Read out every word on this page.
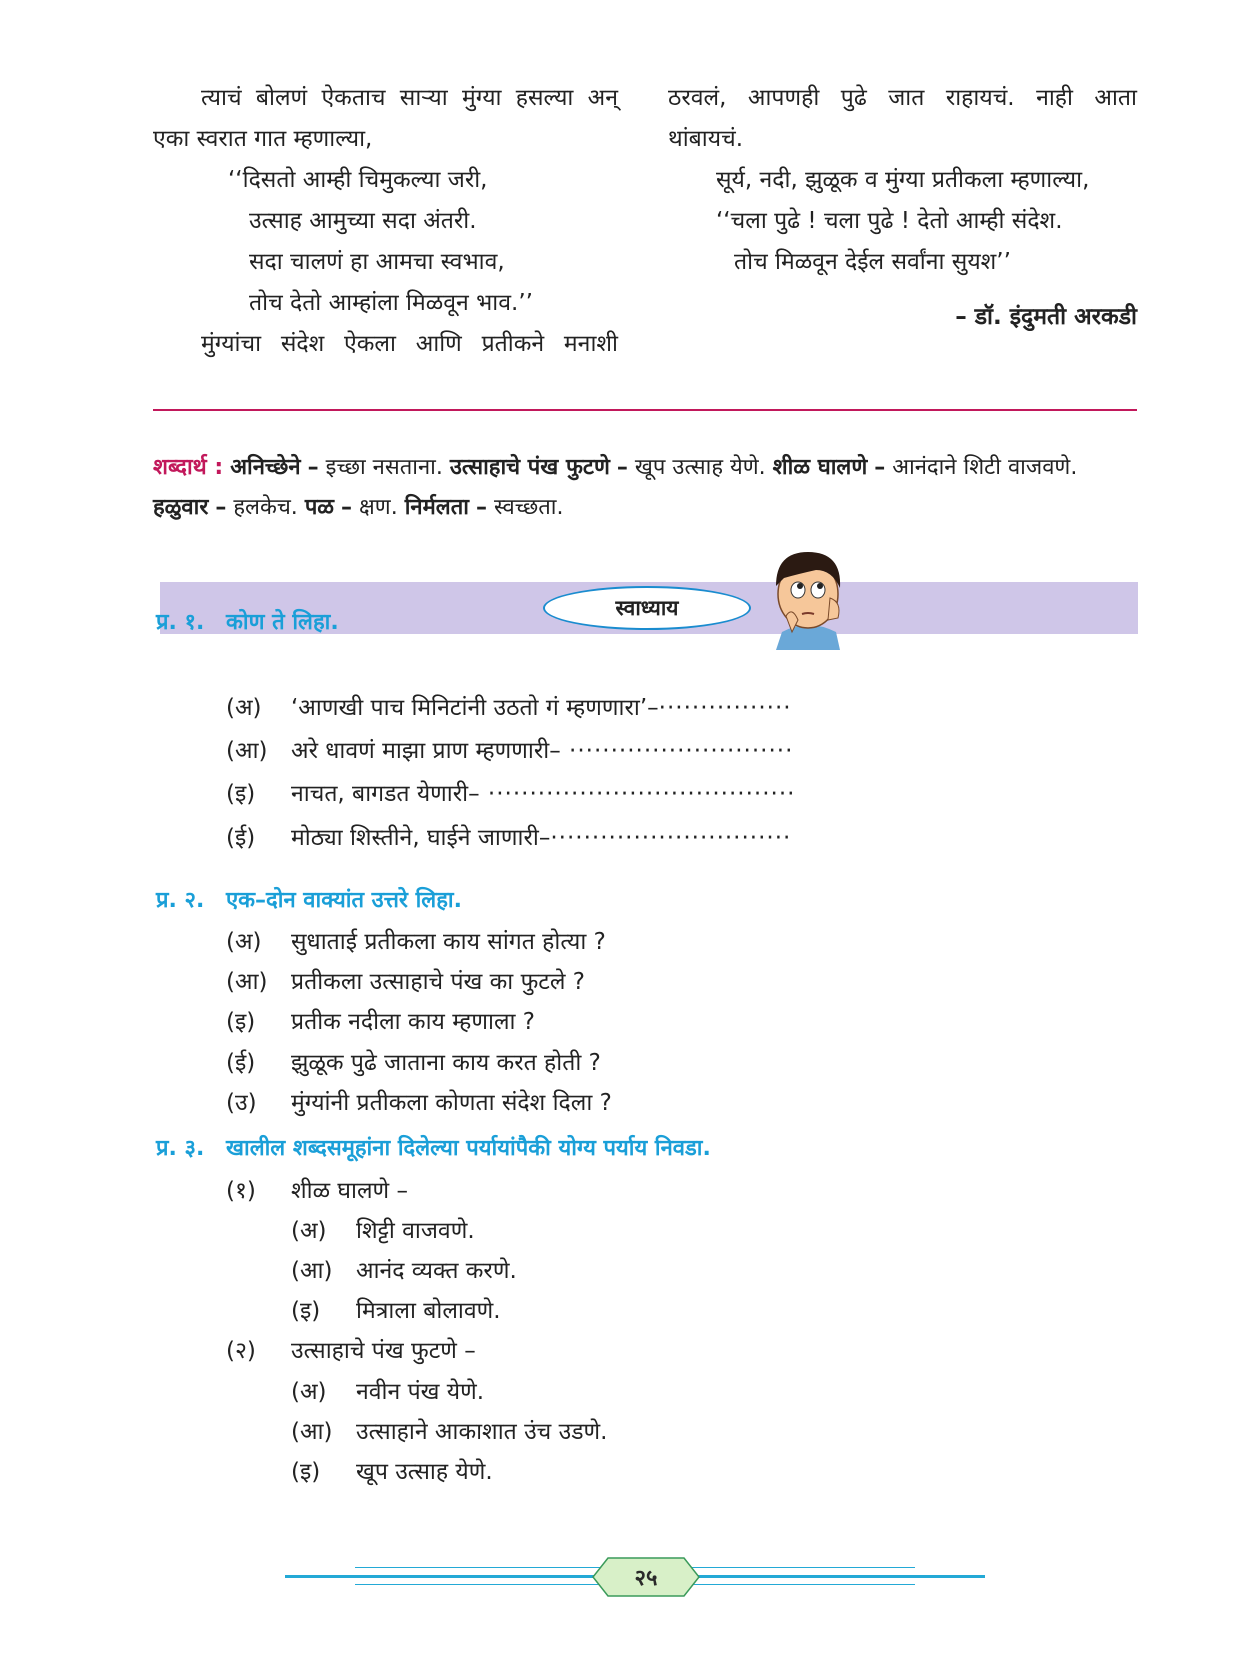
त्याचं बोलणं ऐकताच साऱ्या मुंग्या हसल्या अन्

एका स्वरात गात म्हणाल्या,

‘‘दिसतो आम्ही चिमुकल्या जरी,

उत्साह आमुच्या सदा अंतरी.

सदा चालणं हा आमचा स्वभाव,

तोच देतो आम्हांला मिळवून भाव.’’

मुंग्यांचा संदेश ऐकला आणि प्रतीकने मनाशी

ठरवलं, आपणही पुढे जात राहायचं. नाही आता

थांबायचं.

सूर्य, नदी, झुळूक व मुंग्या प्रतीकला म्हणाल्या,

‘‘चला पुढे ! चला पुढे ! देतो आम्ही संदेश.

तोच मिळवून देईल सर्वांना सुयश’’

– डॉ. इंदुमती अरकडी

शब्दार्थ : अनिच्छेने – इच्छा नसताना. उत्साहाचे पंख फुटणे – खूप उत्साह येणे. शीळ घालणे – आनंदाने शिटी वाजवणे. हळुवार – हलकेच. पळ – क्षण. निर्मलता – स्वच्छता.
स्वाध्याय
प्र. १. कोण ते लिहा.
(अ) ‘आणखी पाच मिनिटांनी उठतो गं म्हणणारा’–················
(आ) अरे धावणं माझा प्राण म्हणणारी– ···························
(इ) नाचत, बागडत येणारी– ·····································
(ई) मोठ्या शिस्तीने, घाईने जाणारी–·····························
प्र. २. एक–दोन वाक्यांत उत्तरे लिहा.
(अ) सुधाताई प्रतीकला काय सांगत होत्या ?
(आ) प्रतीकला उत्साहाचे पंख का फुटले ?
(इ) प्रतीक नदीला काय म्हणाला ?
(ई) झुळूक पुढे जाताना काय करत होती ?
(उ) मुंग्यांनी प्रतीकला कोणता संदेश दिला ?
प्र. ३. खालील शब्दसमूहांना दिलेल्या पर्यायांपैकी योग्य पर्याय निवडा.
(१) शीळ घालणे –
(अ) शिट्टी वाजवणे.
(आ) आनंद व्यक्त करणे.
(इ) मित्राला बोलावणे.
(२) उत्साहाचे पंख फुटणे –
(अ) नवीन पंख येणे.
(आ) उत्साहाने आकाशात उंच उडणे.
(इ) खूप उत्साह येणे.
२५
